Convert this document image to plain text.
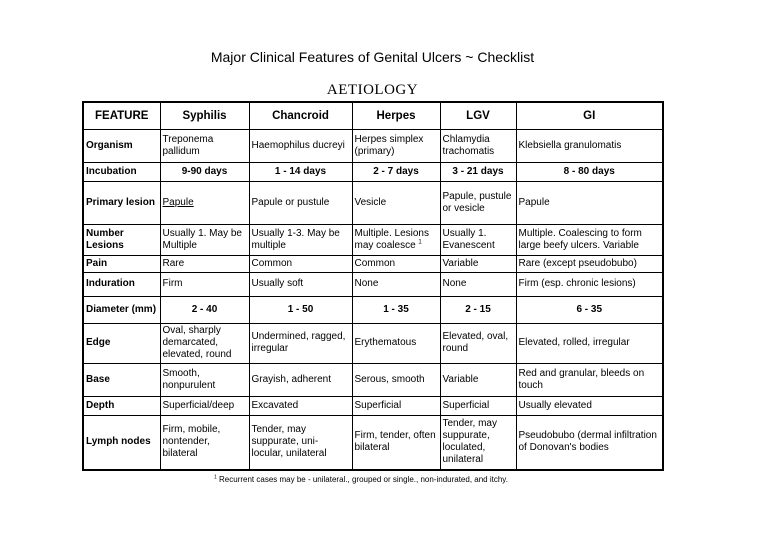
Major Clinical Features of Genital Ulcers ~ Checklist
AETIOLOGY
FEATURE	Syphilis	Chancroid	Herpes	LGV	GI
Organism	Treponema pallidum	Haemophilus ducreyi	Herpes simplex (primary)	Chlamydia trachomatis	Klebsiella granulomatis
Incubation	9-90 days	1 - 14 days	2 - 7 days	3 - 21 days	8 - 80 days
Primary lesion	Papule	Papule or pustule	Vesicle	Papule, pustule or vesicle	Papule
Number Lesions	Usually 1. May be Multiple	Usually 1-3. May be multiple	Multiple. Lesions may coalesce $^1$	Usually 1. Evanescent	Multiple. Coalescing to form large beefy ulcers. Variable
Pain	Rare	Common	Common	Variable	Rare (except pseudobubo)
Induration	Firm	Usually soft	None	None	Firm (esp. chronic lesions)
Diameter (mm)	2 - 40	1 - 50	1 - 35	2 - 15	6 - 35
Edge	Oval, sharply demarcated, elevated, round	Undermined, ragged, irregular	Erythematous	Elevated, oval, round	Elevated, rolled, irregular
Base	Smooth, nonpurulent	Grayish, adherent	Serous, smooth	Variable	Red and granular, bleeds on touch
Depth	Superficial/deep	Excavated	Superficial	Superficial	Usually elevated
Lymph nodes	Firm, mobile, nontender, bilateral	Tender, may suppurate, uni-locular, unilateral	Firm, tender, often bilateral	Tender, may suppurate, loculated, unilateral	Pseudobubo (dermal infiltration of Donovan's bodies
$^1$ Recurrent cases may be - unilateral., grouped or single., non-indurated, and itchy.
